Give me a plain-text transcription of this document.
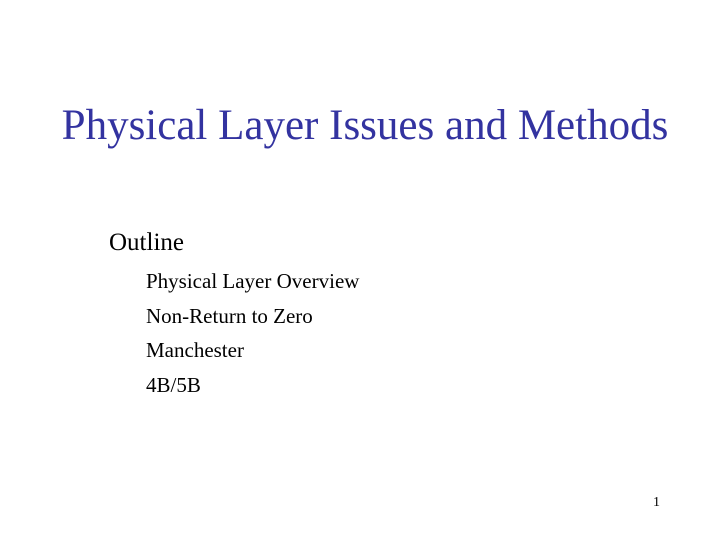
Physical Layer Issues and Methods
Outline
Physical Layer Overview
Non-Return to Zero
Manchester
4B/5B
1
